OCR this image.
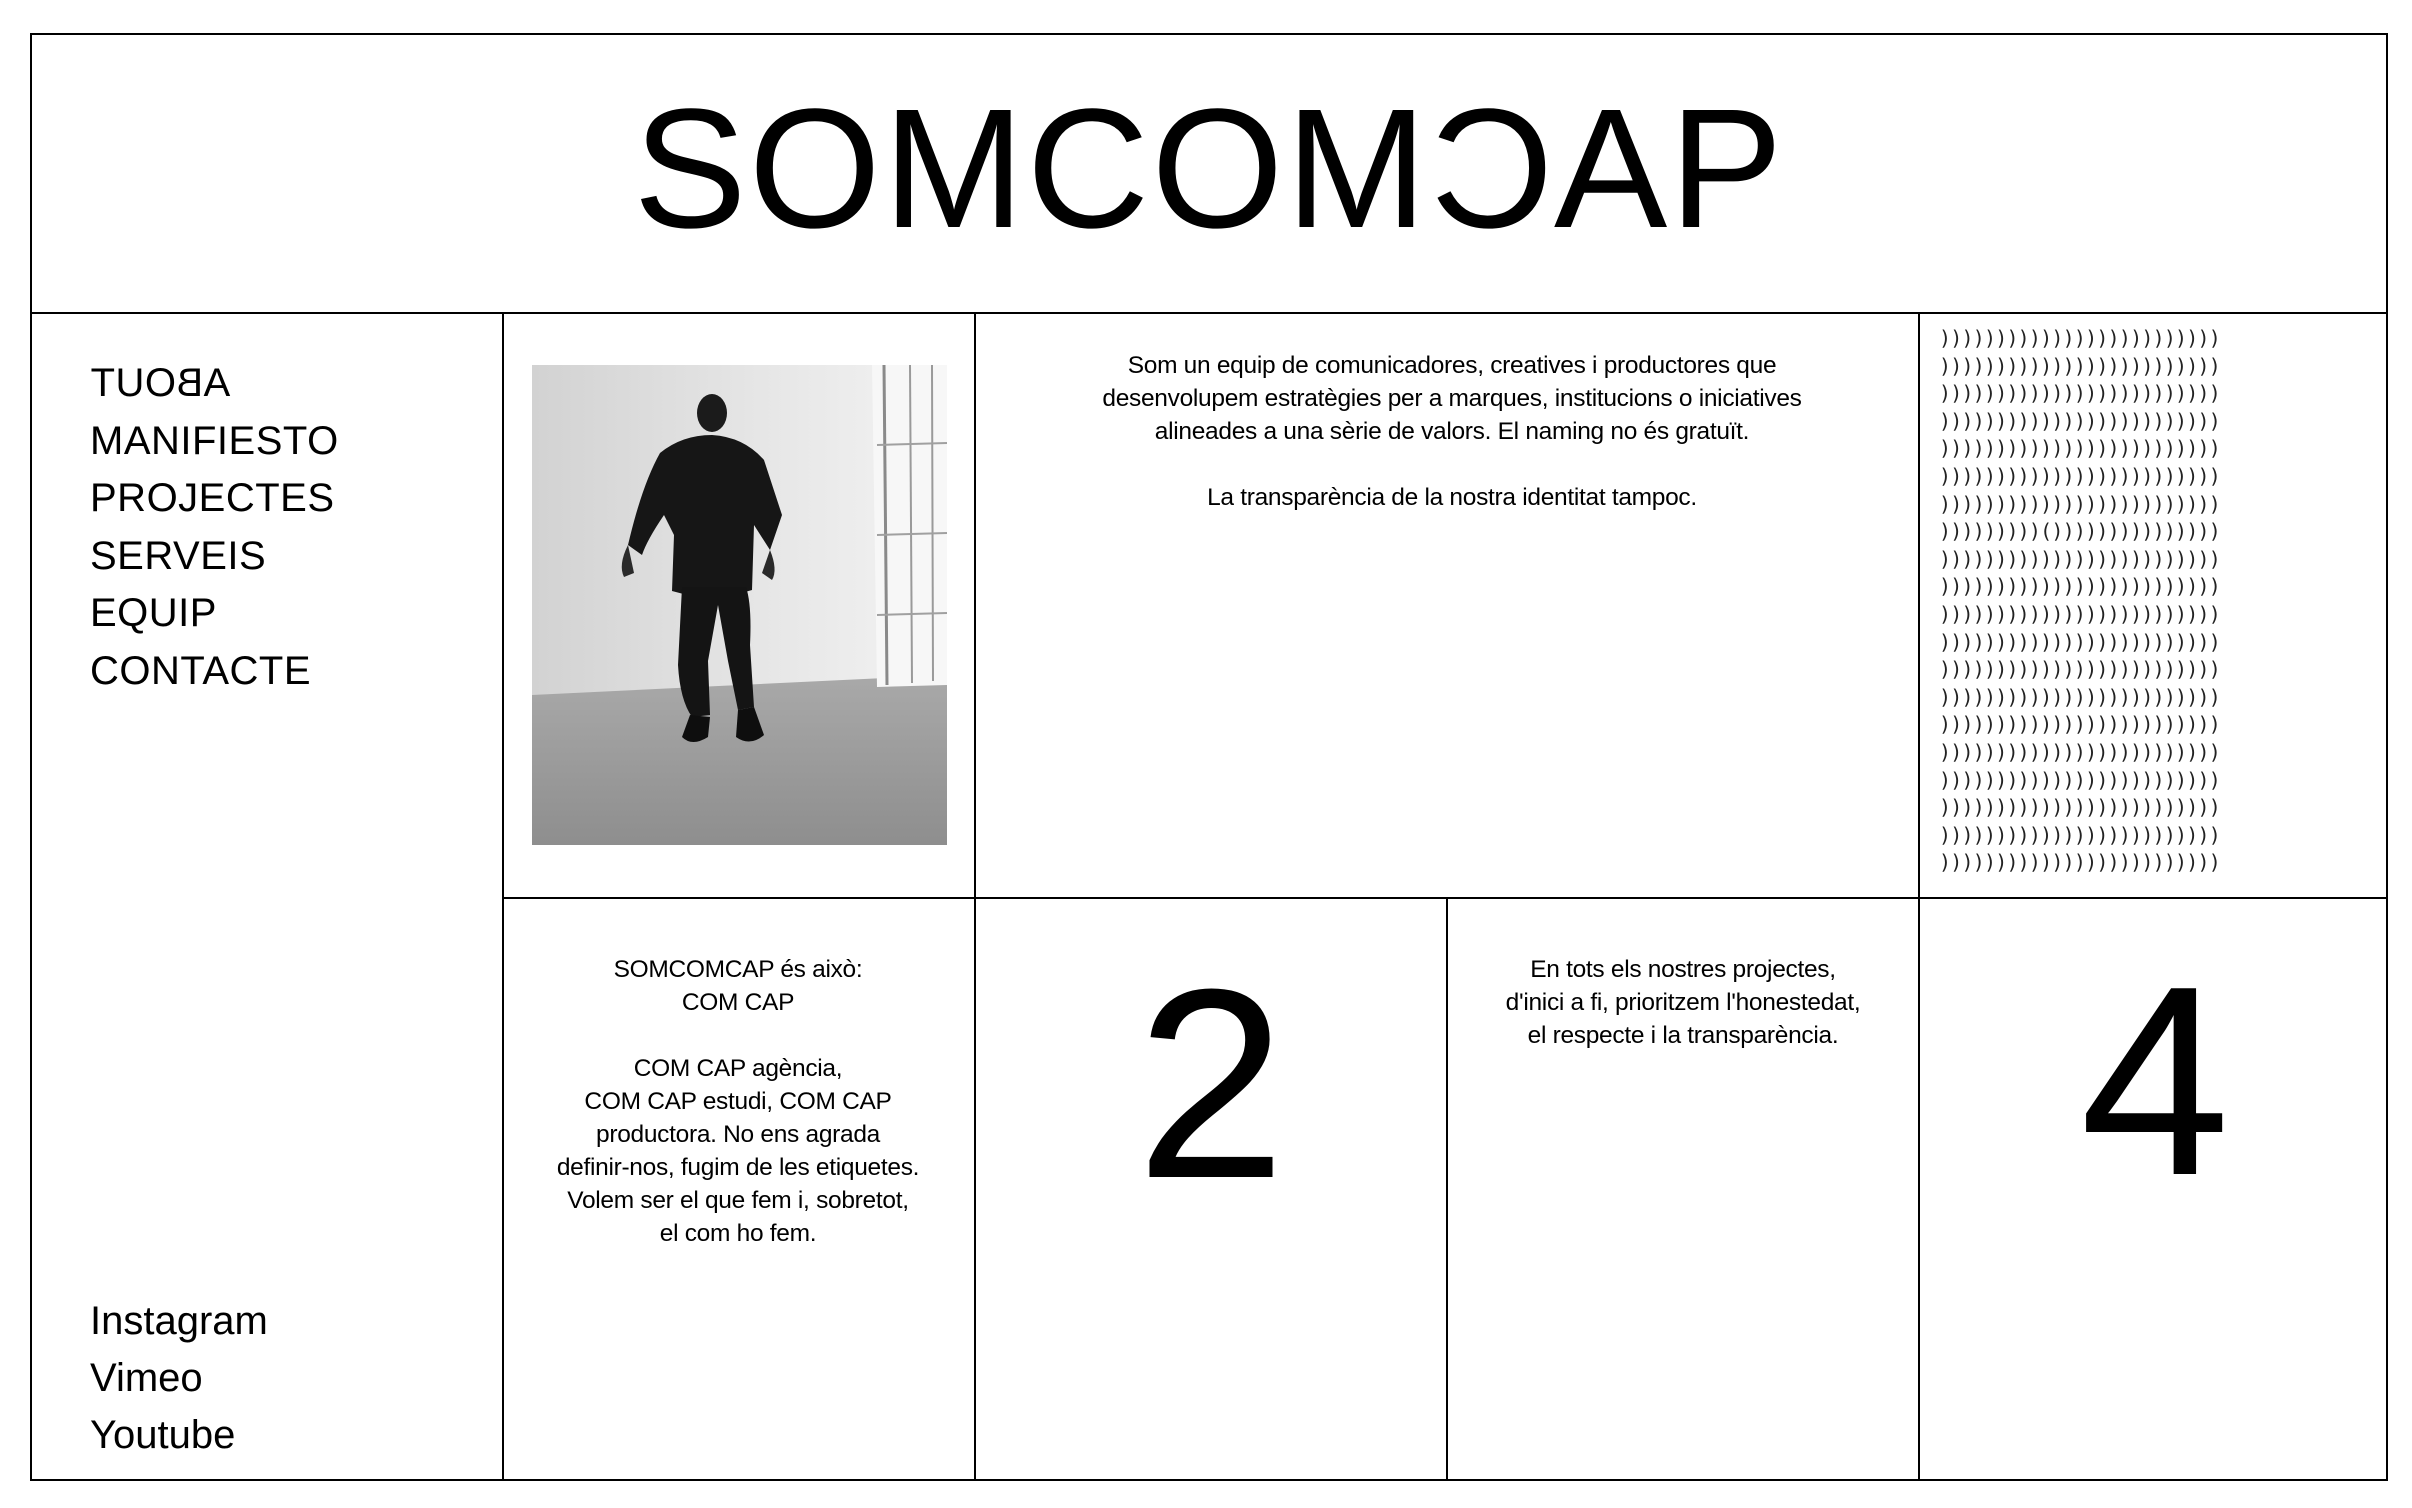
SOMCOM C AP
ABOUT
MANIFIESTO
PROJECTES
SERVEIS
EQUIP
CONTACTE
Instagram
Vimeo
Youtube

Som un equip de comunicadores, creatives i productores que

desenvolupem estratègies per a marques, institucions o iniciatives

alineades a una sèrie de valors. El naming no és gratuït.

La transparència de la nostra identitat tampoc.

)))))))))))))))))))))))))
)))))))))))))))))))))))))
)))))))))))))))))))))))))
)))))))))))))))))))))))))
)))))))))))))))))))))))))
)))))))))))))))))))))))))
)))))))))))))))))))))))))
)))))))))()))))))))))))))
)))))))))))))))))))))))))
)))))))))))))))))))))))))
)))))))))))))))))))))))))
)))))))))))))))))))))))))
)))))))))))))))))))))))))
)))))))))))))))))))))))))
)))))))))))))))))))))))))
)))))))))))))))))))))))))
)))))))))))))))))))))))))
)))))))))))))))))))))))))
)))))))))))))))))))))))))
)))))))))))))))))))))))))

SOMCOMCAP és això:

COM CAP

COM CAP agència,

COM CAP estudi, COM CAP

productora. No ens agrada

definir-nos, fugim de les etiquetes.

Volem ser el que fem i, sobretot,

el com ho fem.	2	En tots els nostres projectes,

d'inici a fi, prioritzem l'honestedat,

el respecte i la transparència. 4
